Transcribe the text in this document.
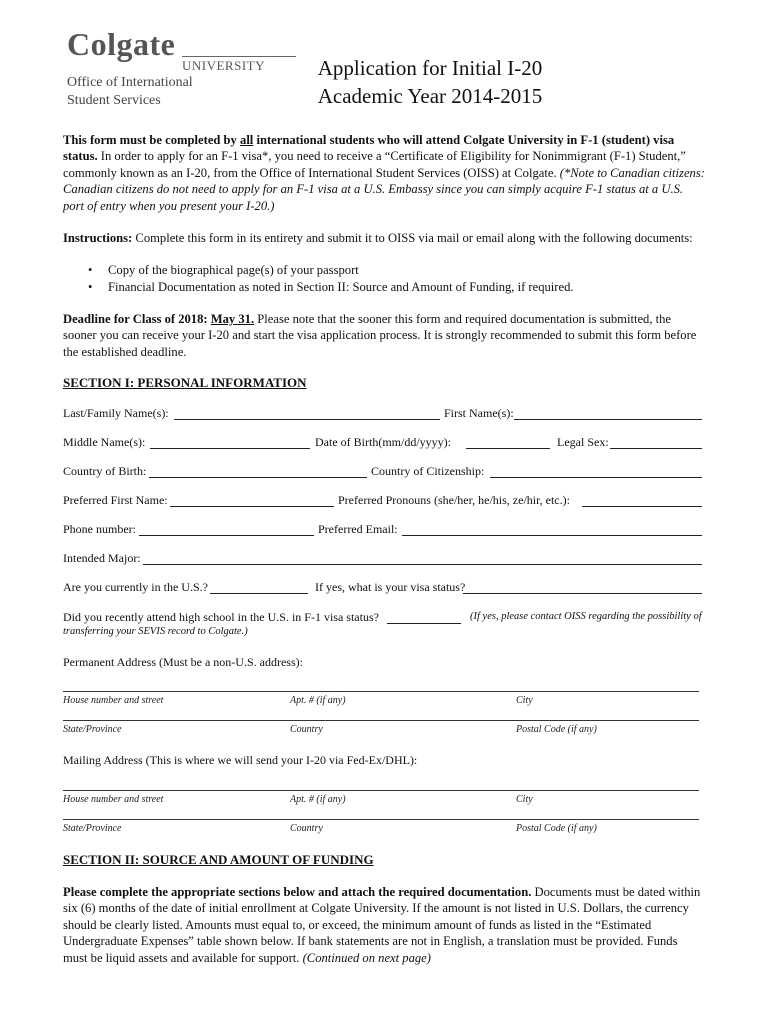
Colgate
UNIVERSITY
Office of International
Student Services
Application for Initial I-20
Academic Year 2014-2015
This form must be completed by all international students who will attend Colgate University in F-1 (student) visa status. In order to apply for an F-1 visa*, you need to receive a “Certificate of Eligibility for Nonimmigrant (F-1) Student,” commonly known as an I-20, from the Office of International Student Services (OISS) at Colgate. (*Note to Canadian citizens: Canadian citizens do not need to apply for an F-1 visa at a U.S. Embassy since you can simply acquire F-1 status at a U.S. port of entry when you present your I-20.)
Instructions: Complete this form in its entirety and submit it to OISS via mail or email along with the following documents:
• Copy of the biographical page(s) of your passport
• Financial Documentation as noted in Section II: Source and Amount of Funding, if required.
Deadline for Class of 2018: May 31. Please note that the sooner this form and required documentation is submitted, the sooner you can receive your I-20 and start the visa application process. It is strongly recommended to submit this form before the established deadline.
SECTION I: PERSONAL INFORMATION
Last/Family Name(s):	First Name(s):
Middle Name(s):	Date of Birth(mm/dd/yyyy):	Legal Sex:
Country of Birth:	Country of Citizenship:
Preferred First Name:	Preferred Pronouns (she/her, he/his, ze/hir, etc.):
Phone number:	Preferred Email:
Intended Major:
Are you currently in the U.S.?	If yes, what is your visa status?
Did you recently attend high school in the U.S. in F-1 visa status?	(If yes, please contact OISS regarding the possibility of
transferring your SEVIS record to Colgate.)
Permanent Address (Must be a non-U.S. address):
House number and street	Apt. # (if any)	City
State/Province	Country	Postal Code (if any)
Mailing Address (This is where we will send your I-20 via Fed-Ex/DHL):
House number and street	Apt. # (if any)	City
State/Province	Country	Postal Code (if any)
SECTION II: SOURCE AND AMOUNT OF FUNDING
Please complete the appropriate sections below and attach the required documentation. Documents must be dated within six (6) months of the date of initial enrollment at Colgate University. If the amount is not listed in U.S. Dollars, the currency should be clearly listed. Amounts must equal to, or exceed, the minimum amount of funds as listed in the “Estimated Undergraduate Expenses” table shown below. If bank statements are not in English, a translation must be provided. Funds must be liquid assets and available for support. (Continued on next page)
